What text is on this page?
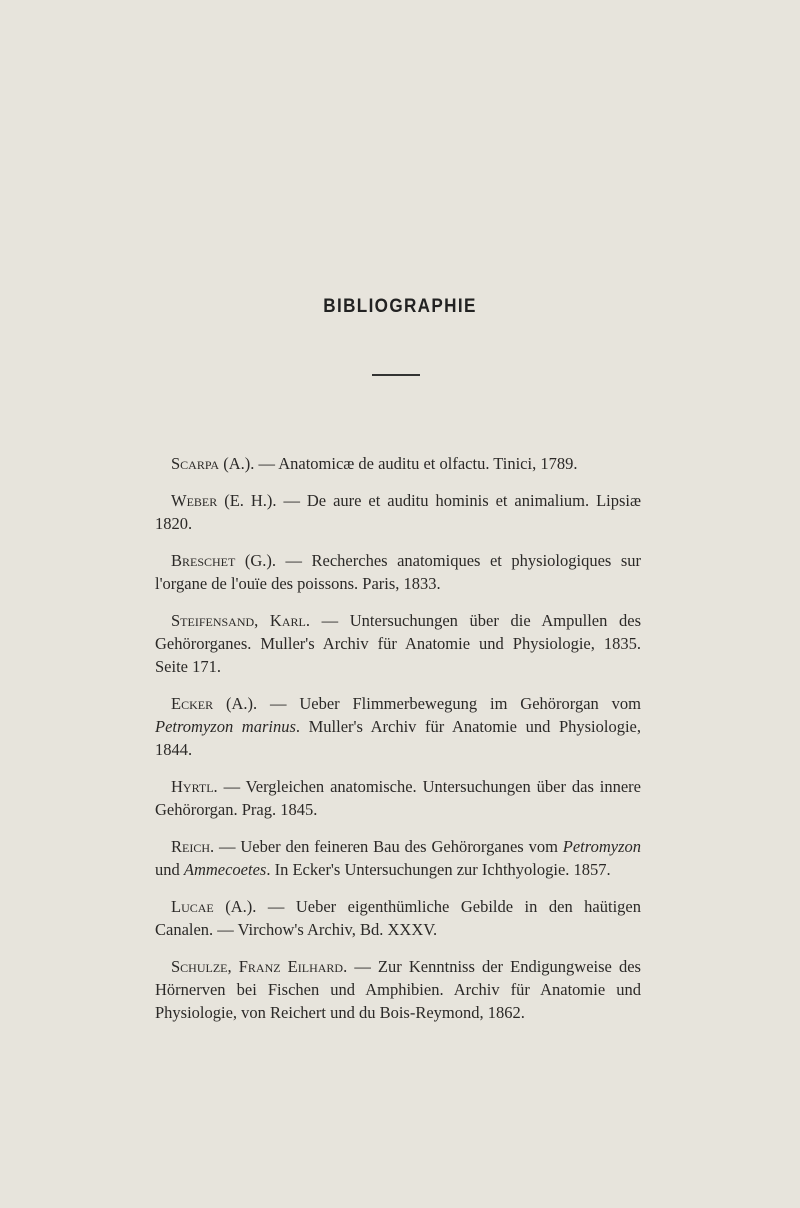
BIBLIOGRAPHIE

Scarpa (A.). — Anatomicæ de auditu et olfactu. Tinici, 1789.

Weber (E. H.). — De aure et auditu hominis et animalium. Lipsiæ 1820.

Breschet (G.). — Recherches anatomiques et physiologiques sur l'organe de l'ouïe des poissons. Paris, 1833.

Steifensand, Karl. — Untersuchungen über die Ampullen des Gehörorganes. Muller's Archiv für Anatomie und Physiologie, 1835. Seite 171.

Ecker (A.). — Ueber Flimmerbewegung im Gehörorgan vom Petromyzon marinus. Muller's Archiv für Anatomie und Physiologie, 1844.

Hyrtl. — Vergleichen anatomische. Untersuchungen über das innere Gehörorgan. Prag. 1845.

Reich. — Ueber den feineren Bau des Gehörorganes vom Petromyzon und Ammecoetes. In Ecker's Untersuchungen zur Ichthyologie. 1857.

Lucae (A.). — Ueber eigenthümliche Gebilde in den haütigen Canalen. — Virchow's Archiv, Bd. XXXV.

Schulze, Franz Eilhard. — Zur Kenntniss der Endigungweise des Hörnerven bei Fischen und Amphibien. Archiv für Anatomie und Physiologie, von Reichert und du Bois-Reymond, 1862.
